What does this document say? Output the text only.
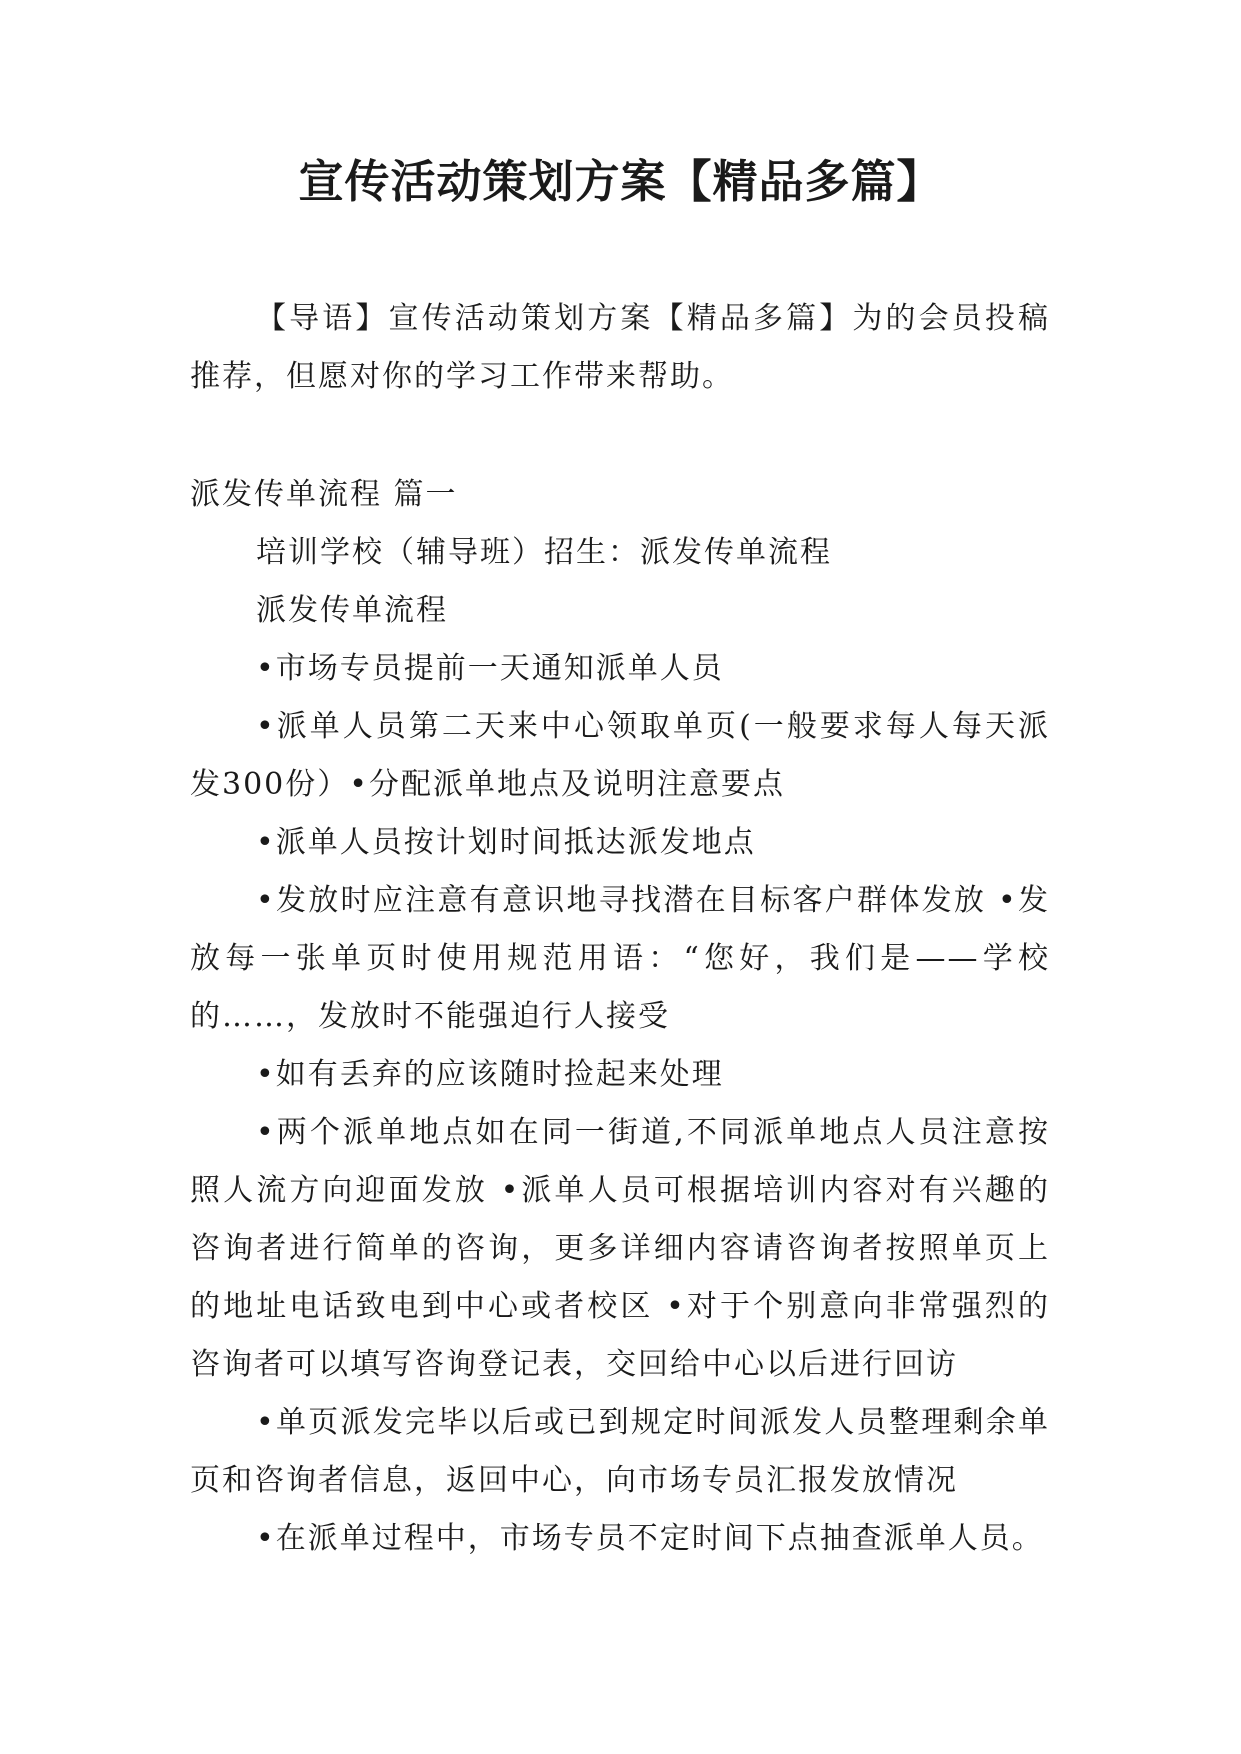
宣传活动策划方案【精品多篇】

【导语】宣传活动策划方案【精品多篇】为的会员投稿推荐，但愿对你的学习工作带来帮助。

派发传单流程 篇一

培训学校（辅导班）招生：派发传单流程

派发传单流程

•市场专员提前一天通知派单人员

•派单人员第二天来中心领取单页(一般要求每人每天派发300份）•分配派单地点及说明注意要点

•派单人员按计划时间抵达派发地点

•发放时应注意有意识地寻找潜在目标客户群体发放 •发放每一张单页时使用规范用语：“您好，我们是——学校的……，发放时不能强迫行人接受

•如有丢弃的应该随时捡起来处理

•两个派单地点如在同一街道,不同派单地点人员注意按照人流方向迎面发放 •派单人员可根据培训内容对有兴趣的咨询者进行简单的咨询，更多详细内容请咨询者按照单页上的地址电话致电到中心或者校区 •对于个别意向非常强烈的咨询者可以填写咨询登记表，交回给中心以后进行回访

•单页派发完毕以后或已到规定时间派发人员整理剩余单页和咨询者信息，返回中心，向市场专员汇报发放情况

•在派单过程中，市场专员不定时间下点抽查派单人员。
